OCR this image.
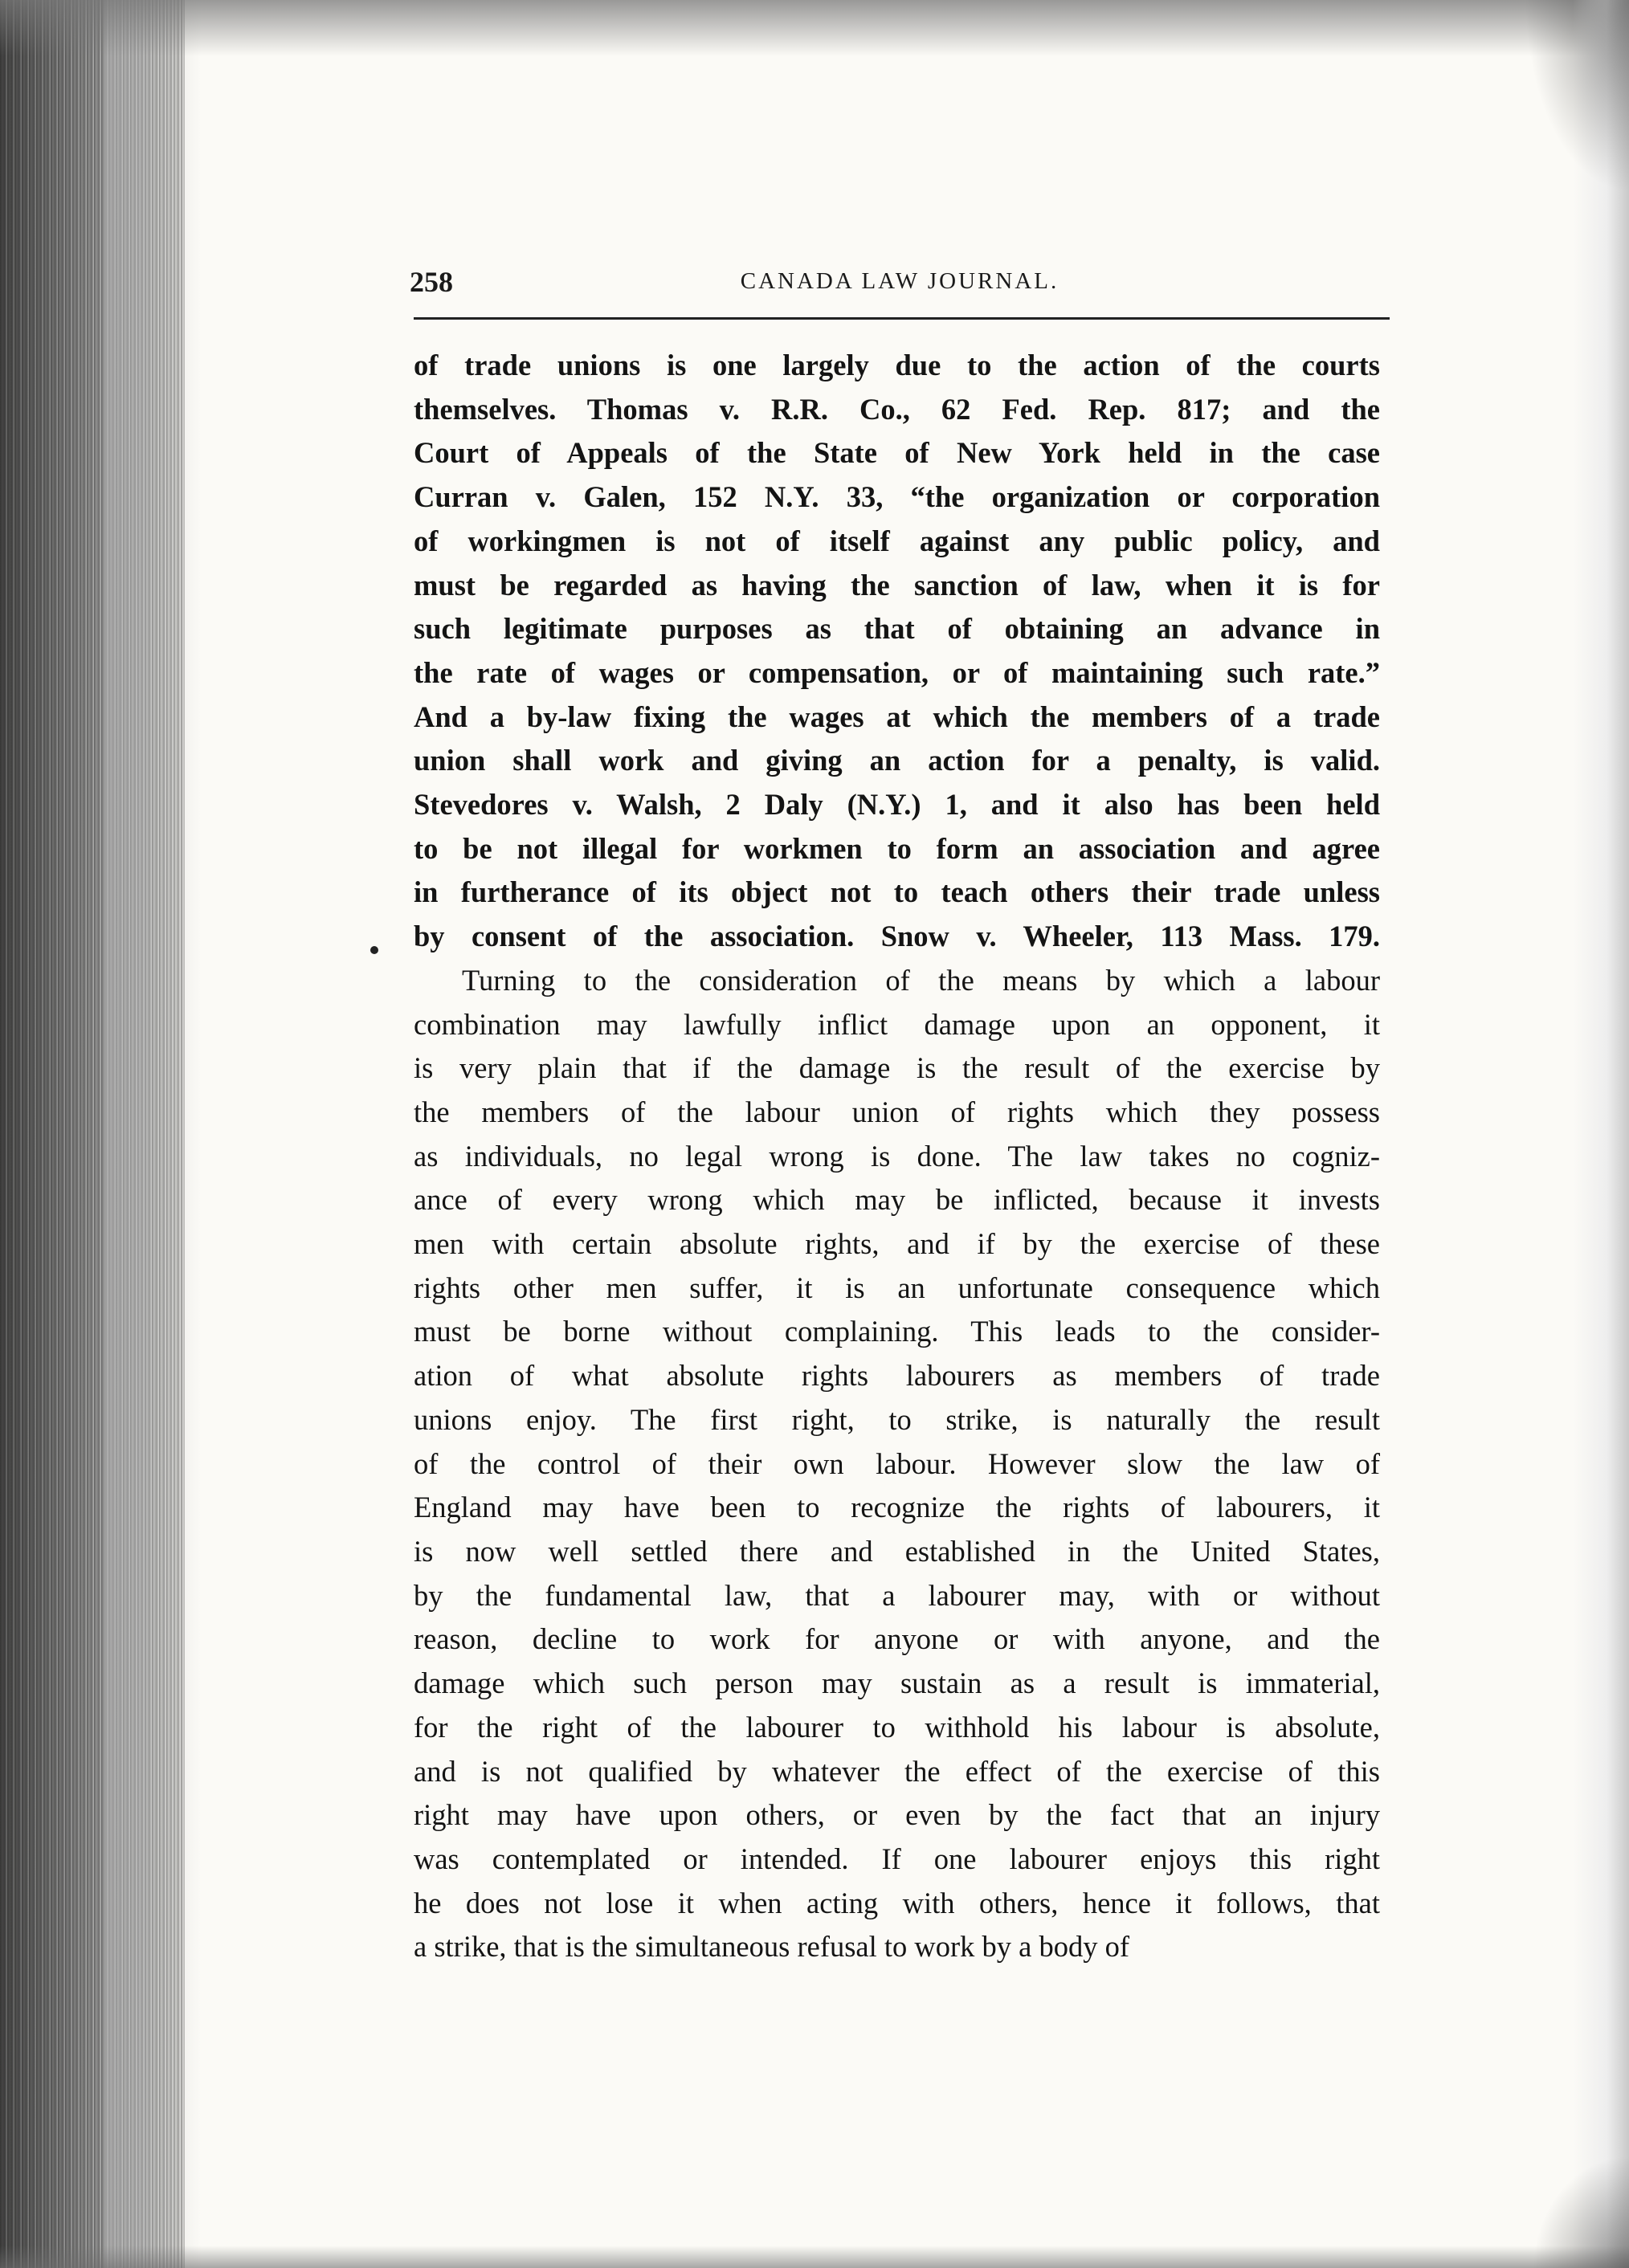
258	CANADA LAW JOURNAL.
of trade unions is one largely due to the action of the courts
themselves. Thomas v. R.R. Co., 62 Fed. Rep. 817; and the
Court of Appeals of the State of New York held in the case
Curran v. Galen, 152 N.Y. 33, “the organization or corporation
of workingmen is not of itself against any public policy, and
must be regarded as having the sanction of law, when it is for
such legitimate purposes as that of obtaining an advance in
the rate of wages or compensation, or of maintaining such rate.”
And a by-law fixing the wages at which the members of a trade
union shall work and giving an action for a penalty, is valid.
Stevedores v. Walsh, 2 Daly (N.Y.) 1, and it also has been held
to be not illegal for workmen to form an association and agree
in furtherance of its object not to teach others their trade unless
by consent of the association. Snow v. Wheeler, 113 Mass. 179.
Turning to the consideration of the means by which a labour
combination may lawfully inflict damage upon an opponent, it
is very plain that if the damage is the result of the exercise by
the members of the labour union of rights which they possess
as individuals, no legal wrong is done. The law takes no cogniz-
ance of every wrong which may be inflicted, because it invests
men with certain absolute rights, and if by the exercise of these
rights other men suffer, it is an unfortunate consequence which
must be borne without complaining. This leads to the consider-
ation of what absolute rights labourers as members of trade
unions enjoy. The first right, to strike, is naturally the result
of the control of their own labour. However slow the law of
England may have been to recognize the rights of labourers, it
is now well settled there and established in the United States,
by the fundamental law, that a labourer may, with or without
reason, decline to work for anyone or with anyone, and the
damage which such person may sustain as a result is immaterial,
for the right of the labourer to withhold his labour is absolute,
and is not qualified by whatever the effect of the exercise of this
right may have upon others, or even by the fact that an injury
was contemplated or intended. If one labourer enjoys this right
he does not lose it when acting with others, hence it follows, that
a strike, that is the simultaneous refusal to work by a body of
